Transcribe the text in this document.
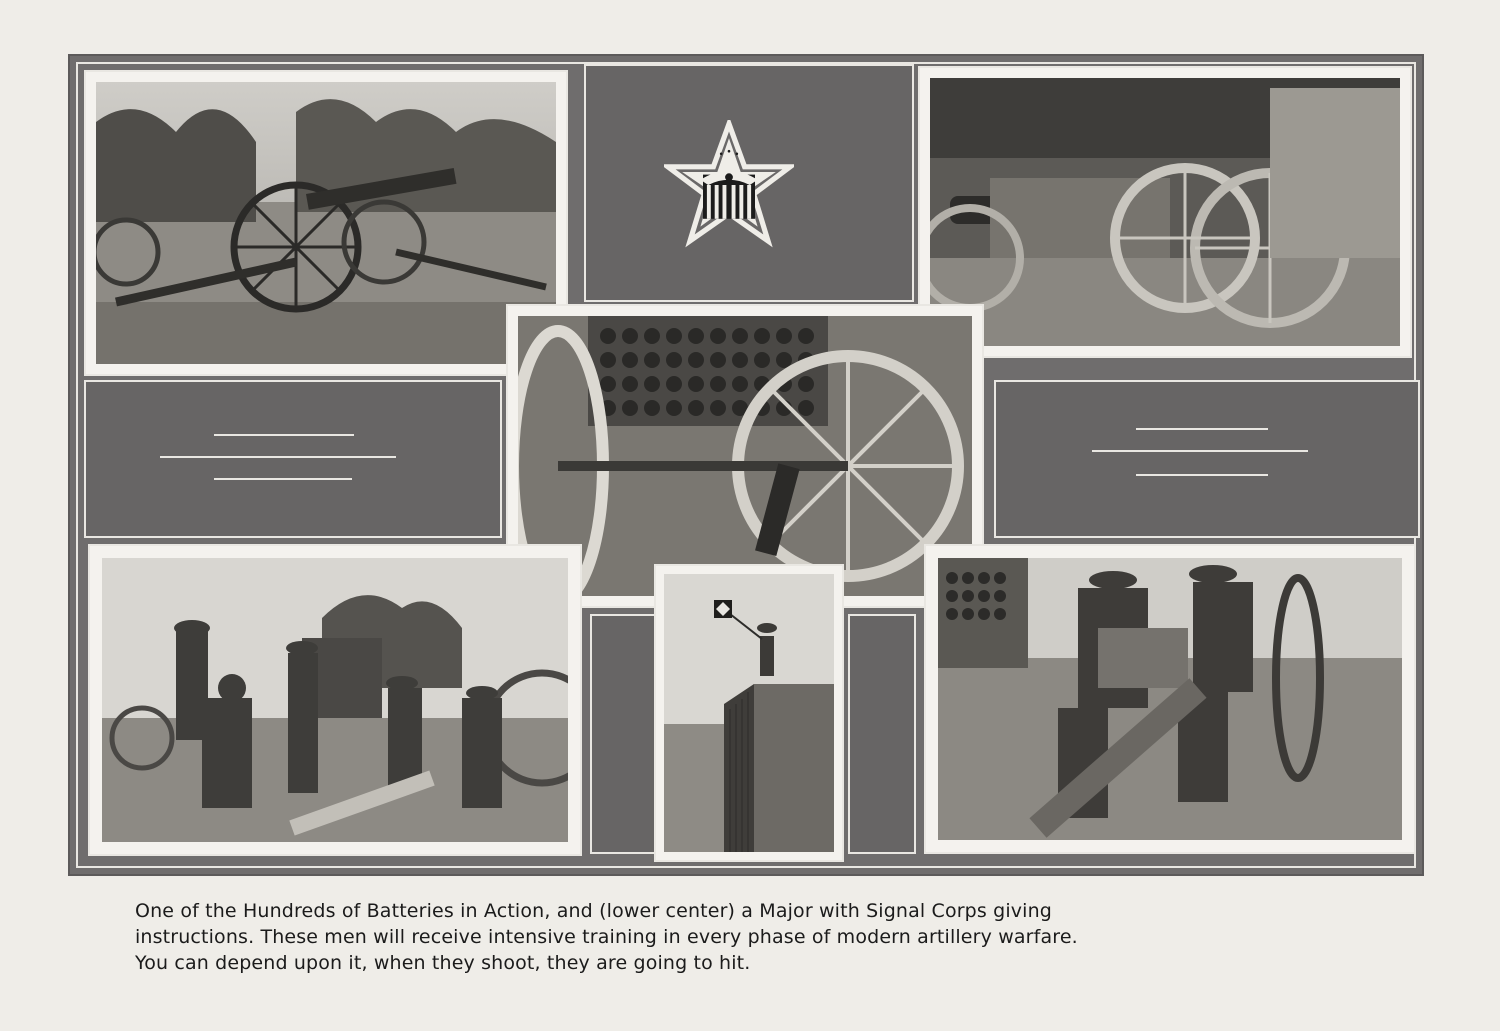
One of the Hundreds of Batteries in Action, and (lower center) a Major with Signal Corps giving

instructions. These men will receive intensive training in every phase of modern artillery warfare.

You can depend upon it, when they shoot, they are going to hit.
